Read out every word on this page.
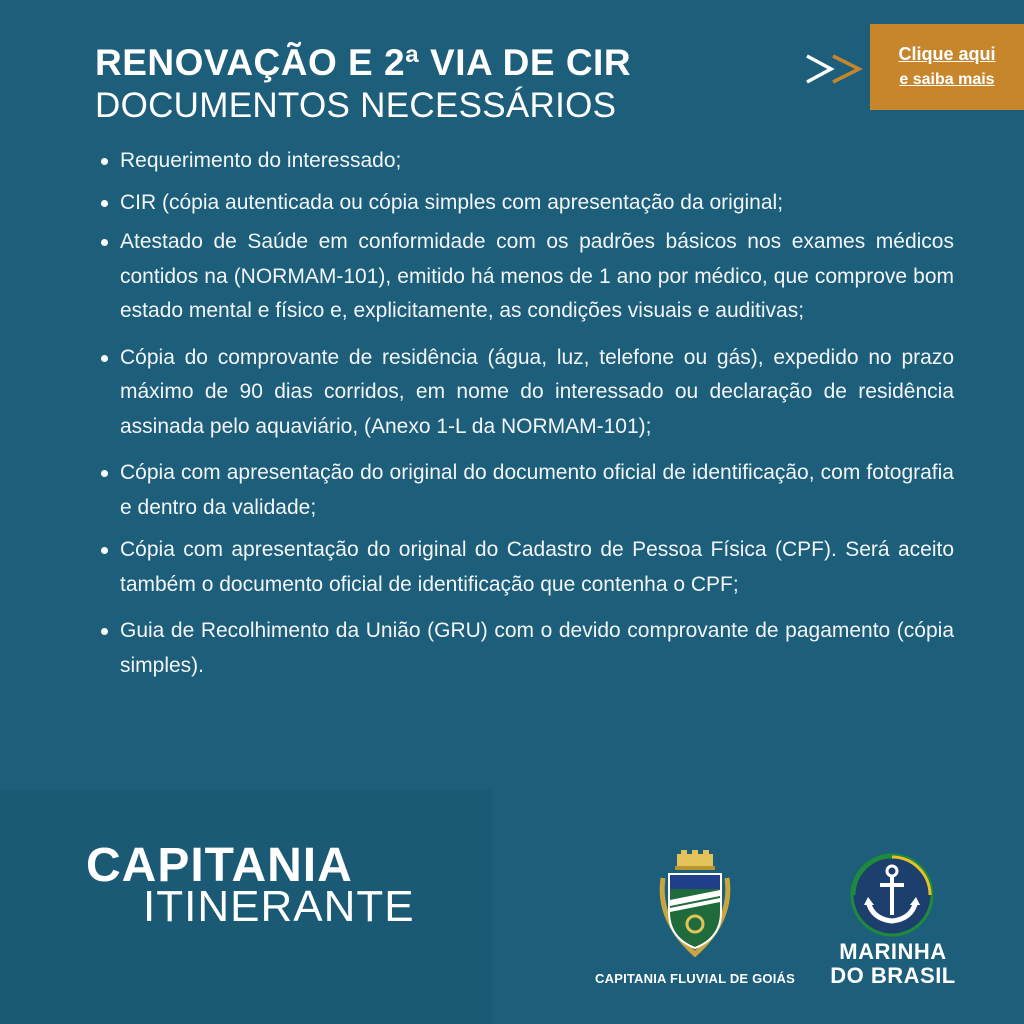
RENOVAÇÃO E 2ª VIA DE CIR
DOCUMENTOS NECESSÁRIOS
Clique aqui
e saiba mais
Requerimento do interessado;
CIR (cópia autenticada ou cópia simples com apresentação da original;
Atestado de Saúde em conformidade com os padrões básicos nos exames médicos contidos na (NORMAM-101), emitido há menos de 1 ano por médico, que comprove bom estado mental e físico e, explicitamente, as condições visuais e auditivas;
Cópia do comprovante de residência (água, luz, telefone ou gás), expedido no prazo máximo de 90 dias corridos, em nome do interessado ou declaração de residência assinada pelo aquaviário, (Anexo 1-L da NORMAM-101);
Cópia com apresentação do original do documento oficial de identificação, com fotografia e dentro da validade;
Cópia com apresentação do original do Cadastro de Pessoa Física (CPF). Será aceito também o documento oficial de identificação que contenha o CPF;
Guia de Recolhimento da União (GRU) com o devido comprovante de pagamento (cópia simples).
CAPITANIA
ITINERANTE
CAPITANIA FLUVIAL DE GOIÁS
MARINHA
DO BRASIL
